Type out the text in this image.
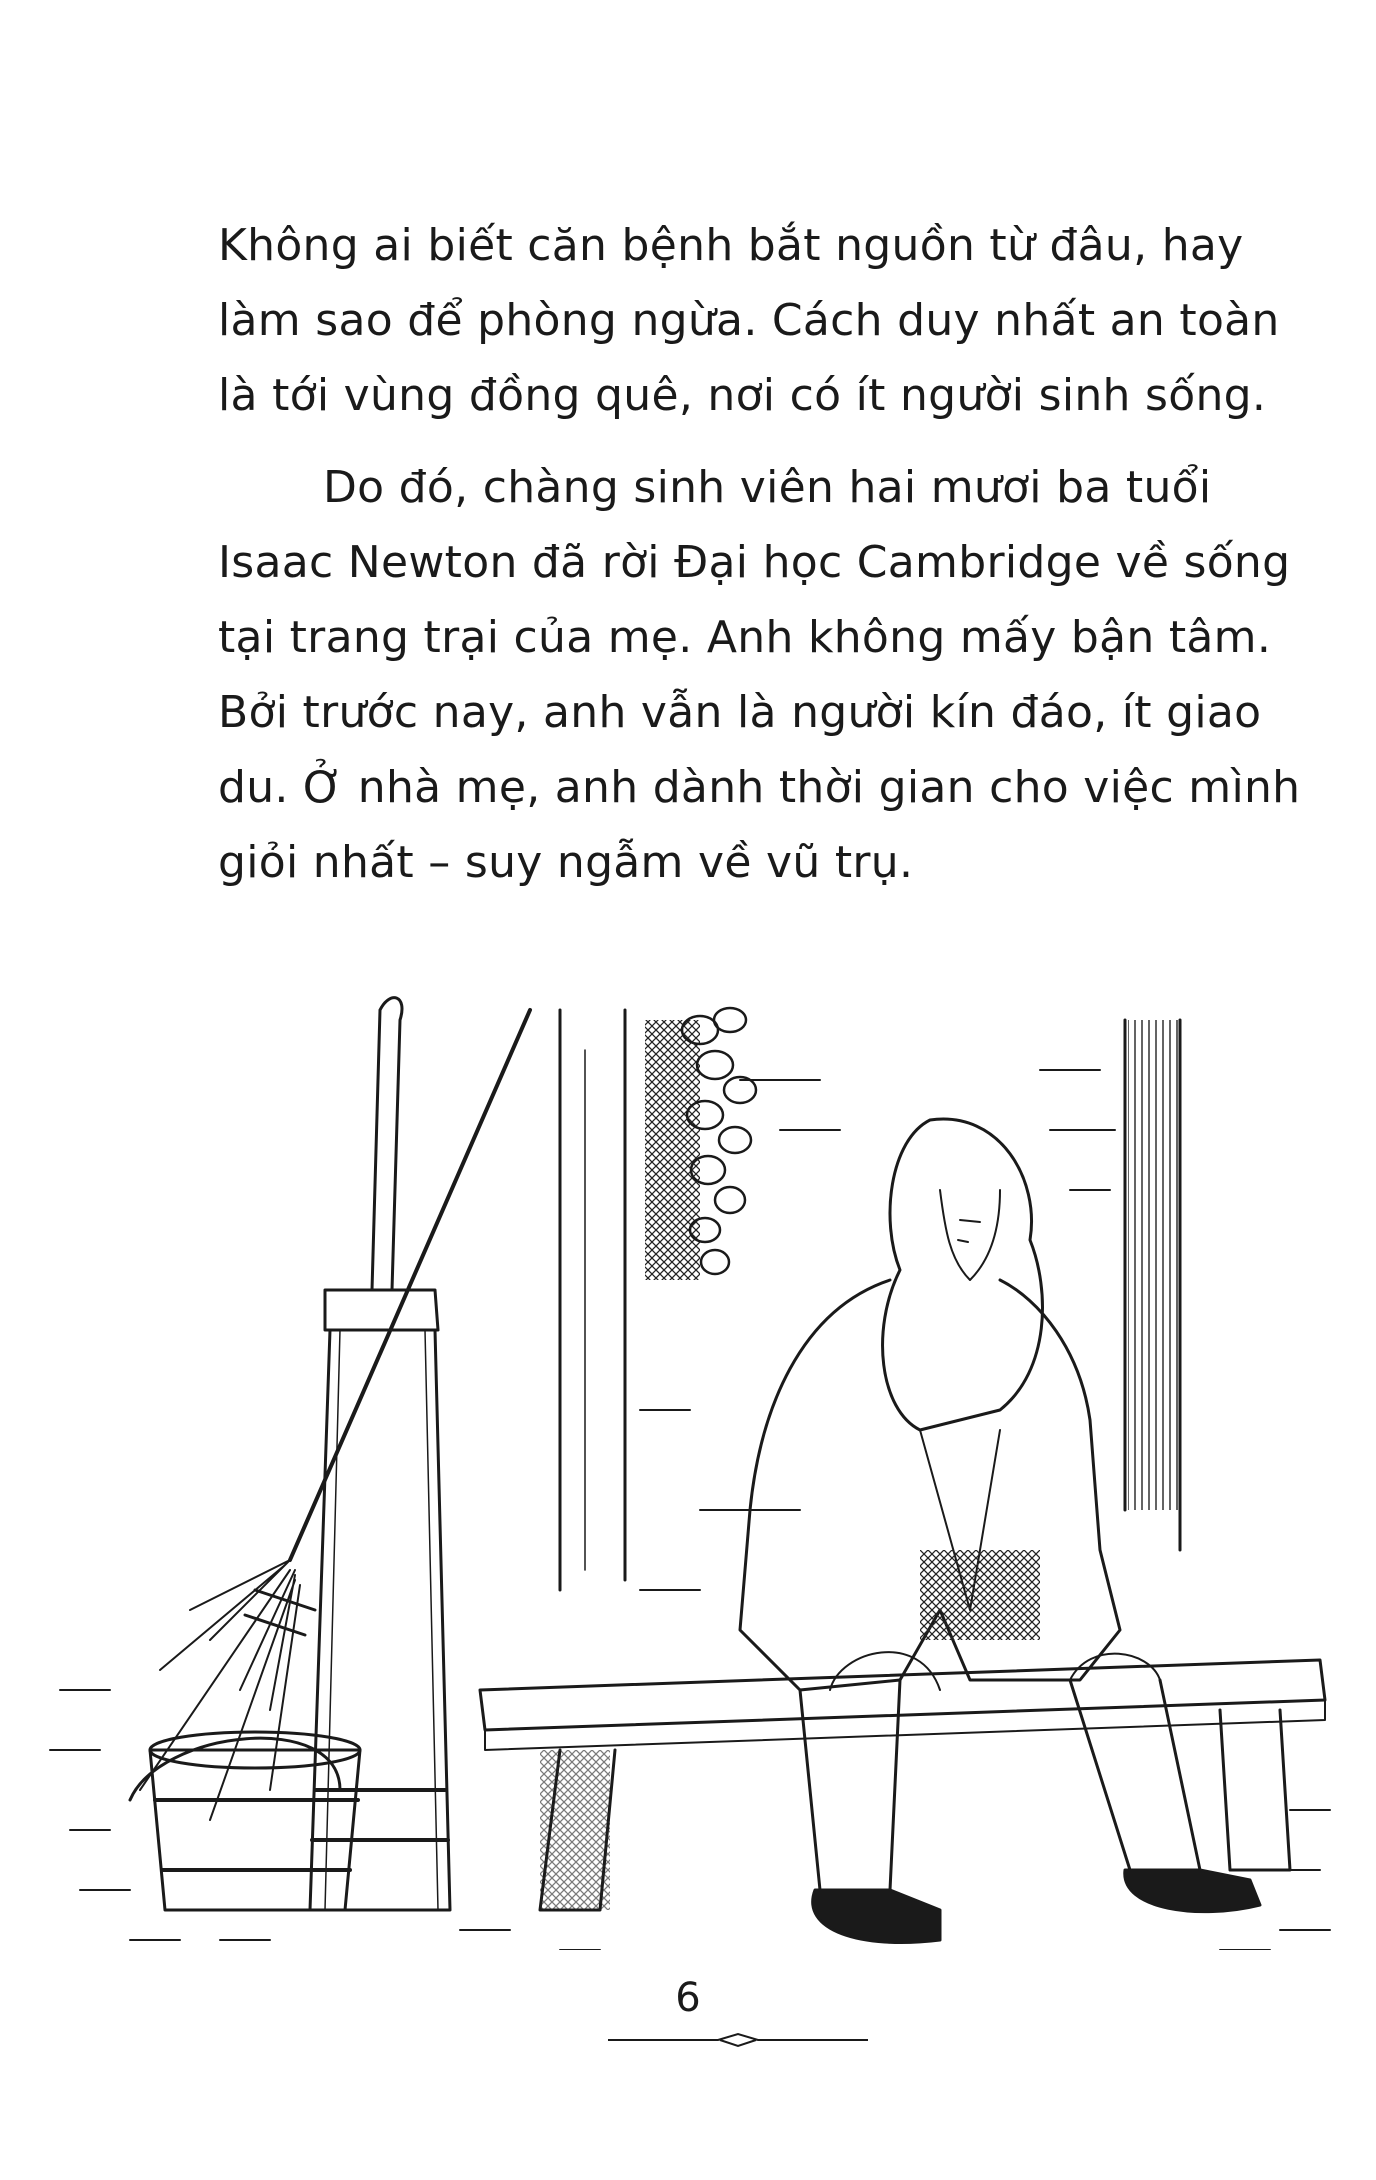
Không ai biết căn bệnh bắt nguồn từ đâu, hay
làm sao để phòng ngừa. Cách duy nhất an toàn
là tới vùng đồng quê, nơi có ít người sinh sống.

Do đó, chàng sinh viên hai mươi ba tuổi
Isaac Newton đã rời Đại học Cambridge về sống
tại trang trại của mẹ. Anh không mấy bận tâm.
Bởi trước nay, anh vẫn là người kín đáo, ít giao
du. Ở nhà mẹ, anh dành thời gian cho việc mình
giỏi nhất – suy ngẫm về vũ trụ.

6
